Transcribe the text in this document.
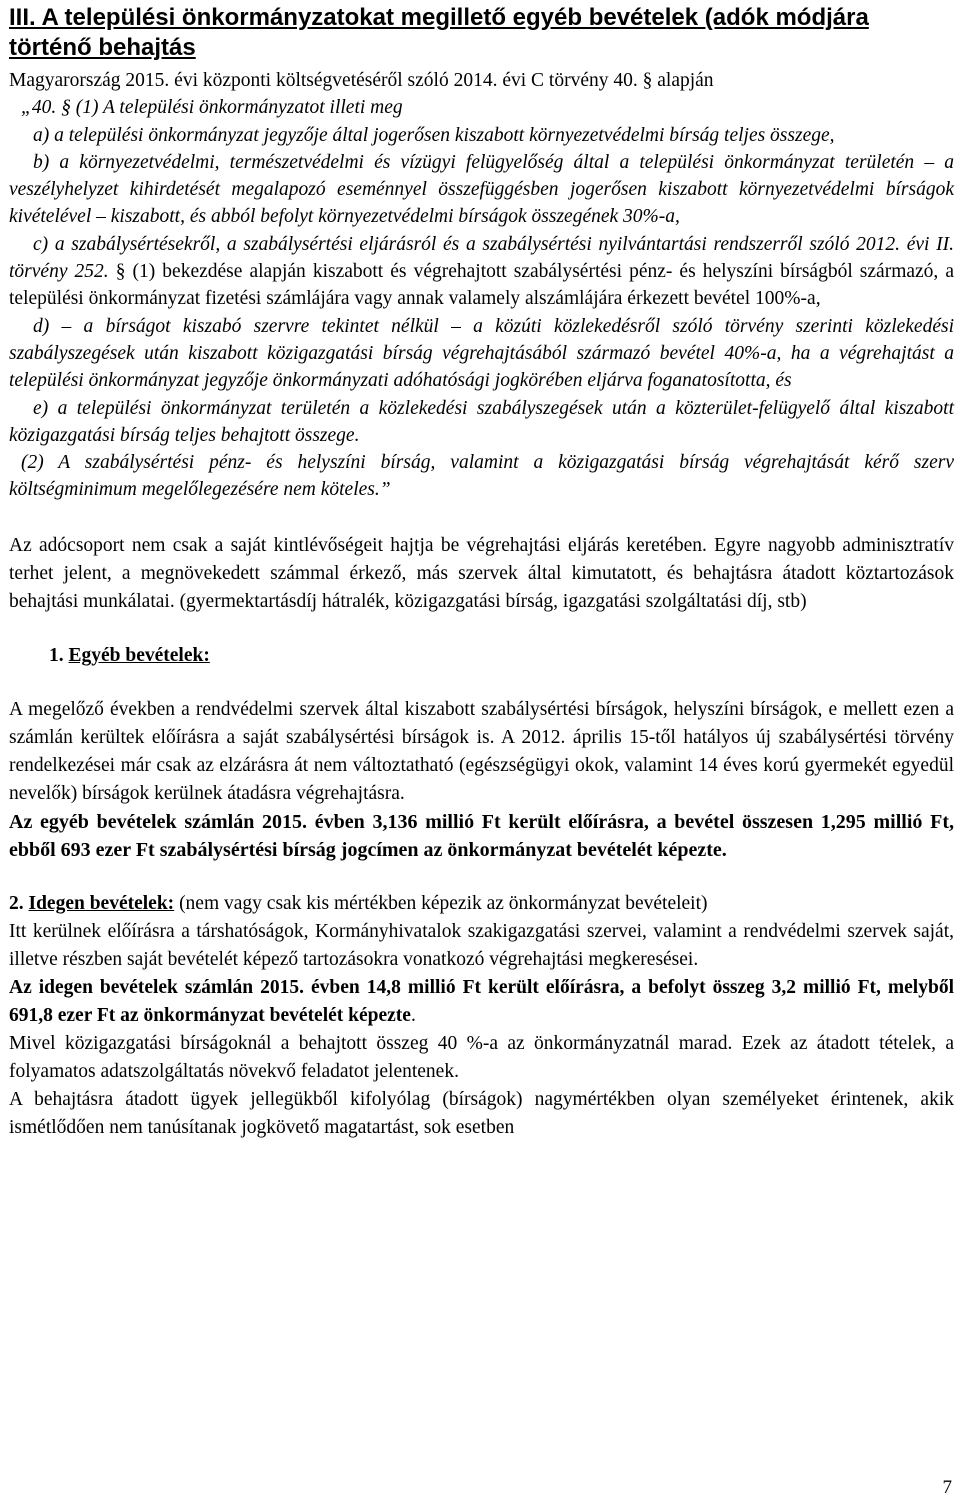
III. A települési önkormányzatokat megillető egyéb bevételek (adók módjára történő behajtás

Magyarország 2015. évi központi költségvetéséről szóló 2014. évi C törvény 40. § alapján

„40. § (1) A települési önkormányzatot illeti meg

a) a települési önkormányzat jegyzője által jogerősen kiszabott környezetvédelmi bírság teljes összege,

b) a környezetvédelmi, természetvédelmi és vízügyi felügyelőség által a települési önkormányzat területén – a veszélyhelyzet kihirdetését megalapozó eseménnyel összefüggésben jogerősen kiszabott környezetvédelmi bírságok kivételével – kiszabott, és abból befolyt környezetvédelmi bírságok összegének 30%-a,

c) a szabálysértésekről, a szabálysértési eljárásról és a szabálysértési nyilvántartási rendszerről szóló 2012. évi II. törvény 252. § (1) bekezdése alapján kiszabott és végrehajtott szabálysértési pénz- és helyszíni bírságból származó, a települési önkormányzat fizetési számlájára vagy annak valamely alszámlájára érkezett bevétel 100%-a,

d) – a bírságot kiszabó szervre tekintet nélkül – a közúti közlekedésről szóló törvény szerinti közlekedési szabályszegések után kiszabott közigazgatási bírság végrehajtásából származó bevétel 40%-a, ha a végrehajtást a települési önkormányzat jegyzője önkormányzati adóhatósági jogkörében eljárva foganatosította, és

e) a települési önkormányzat területén a közlekedési szabályszegések után a közterület-felügyelő által kiszabott közigazgatási bírság teljes behajtott összege.

(2) A szabálysértési pénz- és helyszíni bírság, valamint a közigazgatási bírság végrehajtását kérő szerv költségminimum megelőlegezésére nem köteles.”

Az adócsoport nem csak a saját kintlévőségeit hajtja be végrehajtási eljárás keretében. Egyre nagyobb adminisztratív terhet jelent, a megnövekedett számmal érkező, más szervek által kimutatott, és behajtásra átadott köztartozások behajtási munkálatai. (gyermektartásdíj hátralék, közigazgatási bírság, igazgatási szolgáltatási díj, stb)

1. Egyéb bevételek:

A megelőző években a rendvédelmi szervek által kiszabott szabálysértési bírságok, helyszíni bírságok, e mellett ezen a számlán kerültek előírásra a saját szabálysértési bírságok is. A 2012. április 15-től hatályos új szabálysértési törvény rendelkezései már csak az elzárásra át nem változtatható (egészségügyi okok, valamint 14 éves korú gyermekét egyedül nevelők) bírságok kerülnek átadásra végrehajtásra.

Az egyéb bevételek számlán 2015. évben 3,136 millió Ft került előírásra, a bevétel összesen 1,295 millió Ft, ebből 693 ezer Ft szabálysértési bírság jogcímen az önkormányzat bevételét képezte.

2. Idegen bevételek: (nem vagy csak kis mértékben képezik az önkormányzat bevételeit)

Itt kerülnek előírásra a társhatóságok, Kormányhivatalok szakigazgatási szervei, valamint a rendvédelmi szervek saját, illetve részben saját bevételét képező tartozásokra vonatkozó végrehajtási megkeresései.

Az idegen bevételek számlán 2015. évben 14,8 millió Ft került előírásra, a befolyt összeg 3,2 millió Ft, melyből 691,8 ezer Ft az önkormányzat bevételét képezte.

Mivel közigazgatási bírságoknál a behajtott összeg 40 %-a az önkormányzatnál marad. Ezek az átadott tételek, a folyamatos adatszolgáltatás növekvő feladatot jelentenek.

A behajtásra átadott ügyek jellegükből kifolyólag (bírságok) nagymértékben olyan személyeket érintenek, akik ismétlődően nem tanúsítanak jogkövető magatartást, sok esetben

7
